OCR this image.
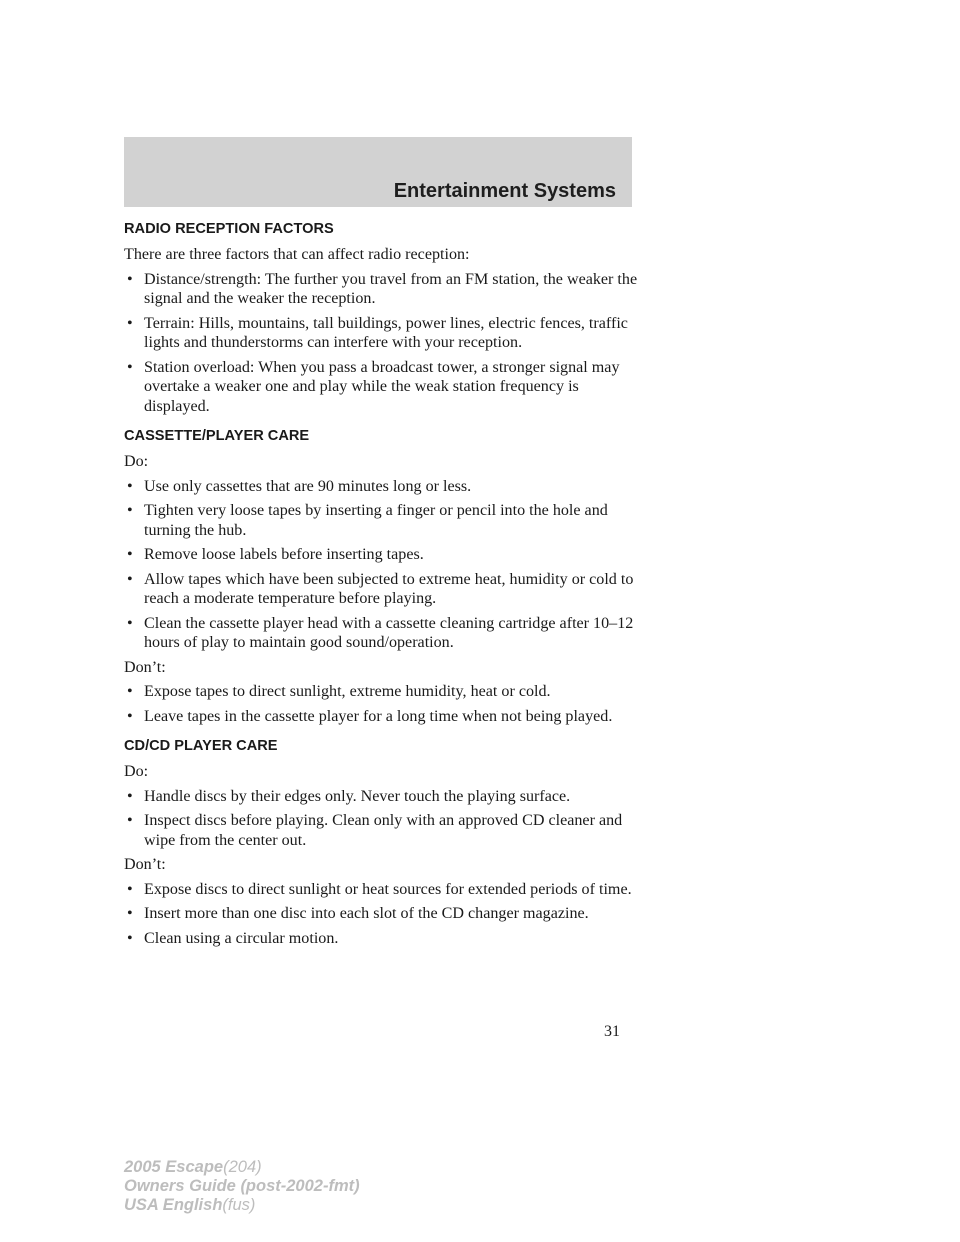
Entertainment Systems
RADIO RECEPTION FACTORS

There are three factors that can affect radio reception:

• Distance/strength: The further you travel from an FM station, the weaker the signal and the weaker the reception.
• Terrain: Hills, mountains, tall buildings, power lines, electric fences, traffic lights and thunderstorms can interfere with your reception.
• Station overload: When you pass a broadcast tower, a stronger signal may overtake a weaker one and play while the weak station frequency is displayed.
CASSETTE/PLAYER CARE

Do:

• Use only cassettes that are 90 minutes long or less.
• Tighten very loose tapes by inserting a finger or pencil into the hole and turning the hub.
• Remove loose labels before inserting tapes.
• Allow tapes which have been subjected to extreme heat, humidity or cold to reach a moderate temperature before playing.
• Clean the cassette player head with a cassette cleaning cartridge after 10–12 hours of play to maintain good sound/operation.

Don’t:

• Expose tapes to direct sunlight, extreme humidity, heat or cold.
• Leave tapes in the cassette player for a long time when not being played.
CD/CD PLAYER CARE

Do:

• Handle discs by their edges only. Never touch the playing surface.
• Inspect discs before playing. Clean only with an approved CD cleaner and wipe from the center out.

Don’t:

• Expose discs to direct sunlight or heat sources for extended periods of time.
• Insert more than one disc into each slot of the CD changer magazine.
• Clean using a circular motion.
31
2005 Escape(204)
Owners Guide (post-2002-fmt)
USA English(fus)
